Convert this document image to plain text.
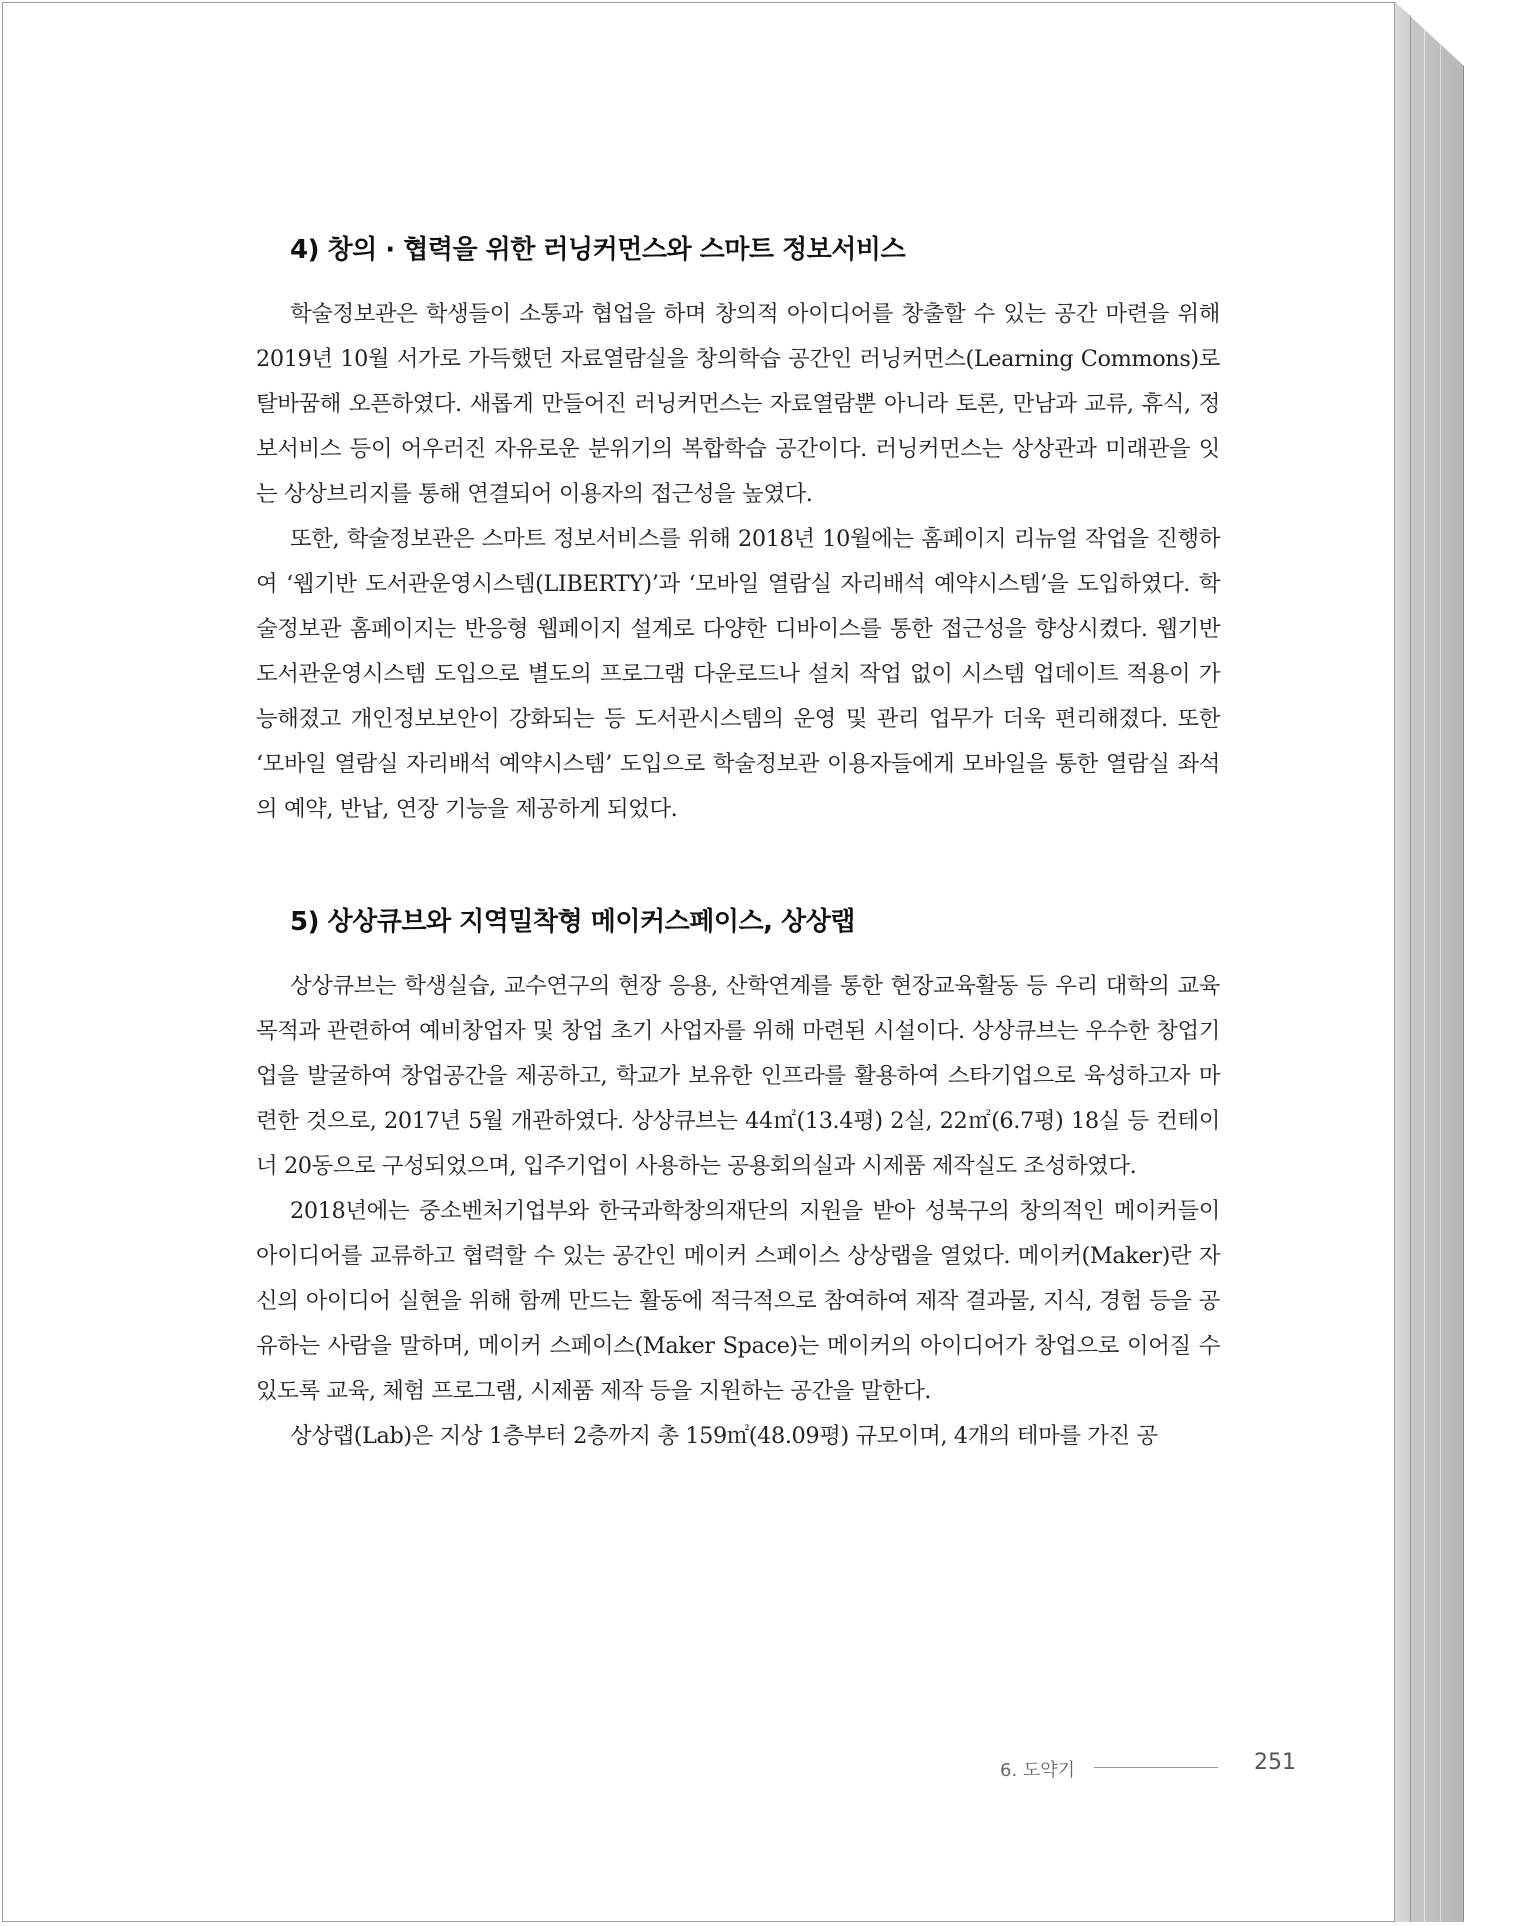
4) 창의 · 협력을 위한 러닝커먼스와 스마트 정보서비스

학술정보관은 학생들이 소통과 협업을 하며 창의적 아이디어를 창출할 수 있는 공간 마련을 위해 2019년 10월 서가로 가득했던 자료열람실을 창의학습 공간인 러닝커먼스(Learning Commons)로 탈바꿈해 오픈하였다. 새롭게 만들어진 러닝커먼스는 자료열람뿐 아니라 토론, 만남과 교류, 휴식, 정보서비스 등이 어우러진 자유로운 분위기의 복합학습 공간이다. 러닝커먼스는 상상관과 미래관을 잇는 상상브리지를 통해 연결되어 이용자의 접근성을 높였다.

또한, 학술정보관은 스마트 정보서비스를 위해 2018년 10월에는 홈페이지 리뉴얼 작업을 진행하여 ‘웹기반 도서관운영시스템(LIBERTY)’과 ‘모바일 열람실 자리배석 예약시스템’을 도입하였다. 학술정보관 홈페이지는 반응형 웹페이지 설계로 다양한 디바이스를 통한 접근성을 향상시켰다. 웹기반 도서관운영시스템 도입으로 별도의 프로그램 다운로드나 설치 작업 없이 시스템 업데이트 적용이 가능해졌고 개인정보보안이 강화되는 등 도서관시스템의 운영 및 관리 업무가 더욱 편리해졌다. 또한 ‘모바일 열람실 자리배석 예약시스템’ 도입으로 학술정보관 이용자들에게 모바일을 통한 열람실 좌석의 예약, 반납, 연장 기능을 제공하게 되었다.

5) 상상큐브와 지역밀착형 메이커스페이스, 상상랩

상상큐브는 학생실습, 교수연구의 현장 응용, 산학연계를 통한 현장교육활동 등 우리 대학의 교육 목적과 관련하여 예비창업자 및 창업 초기 사업자를 위해 마련된 시설이다. 상상큐브는 우수한 창업기업을 발굴하여 창업공간을 제공하고, 학교가 보유한 인프라를 활용하여 스타기업으로 육성하고자 마련한 것으로, 2017년 5월 개관하였다. 상상큐브는 44㎡(13.4평) 2실, 22㎡(6.7평) 18실 등 컨테이너 20동으로 구성되었으며, 입주기업이 사용하는 공용회의실과 시제품 제작실도 조성하였다.

2018년에는 중소벤처기업부와 한국과학창의재단의 지원을 받아 성북구의 창의적인 메이커들이 아이디어를 교류하고 협력할 수 있는 공간인 메이커 스페이스 상상랩을 열었다. 메이커(Maker)란 자신의 아이디어 실현을 위해 함께 만드는 활동에 적극적으로 참여하여 제작 결과물, 지식, 경험 등을 공유하는 사람을 말하며, 메이커 스페이스(Maker Space)는 메이커의 아이디어가 창업으로 이어질 수 있도록 교육, 체험 프로그램, 시제품 제작 등을 지원하는 공간을 말한다.

상상랩(Lab)은 지상 1층부터 2층까지 총 159㎡(48.09평) 규모이며, 4개의 테마를 가진 공

6. 도약기	251
